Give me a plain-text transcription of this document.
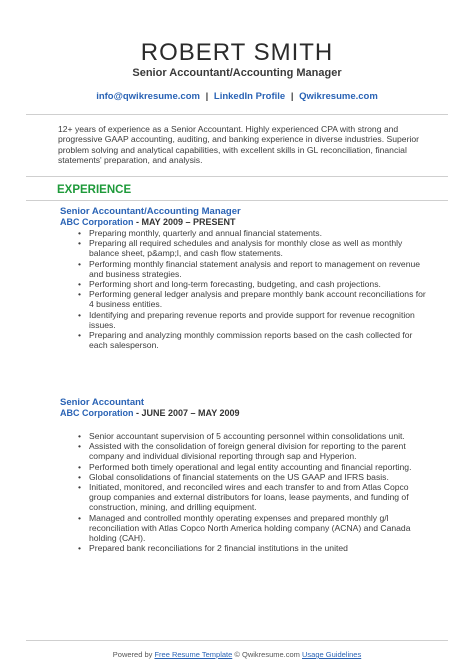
ROBERT SMITH
Senior Accountant/Accounting Manager
info@qwikresume.com | LinkedIn Profile | Qwikresume.com
12+ years of experience as a Senior Accountant. Highly experienced CPA with strong and progressive GAAP accounting, auditing, and banking experience in diverse industries. Superior problem solving and analytical capabilities, with excellent skills in GL reconciliation, financial statements' preparation, and analysis.
EXPERIENCE
Senior Accountant/Accounting Manager
ABC Corporation - MAY 2009 – PRESENT
• Preparing monthly, quarterly and annual financial statements.
• Preparing all required schedules and analysis for monthly close as well as monthly balance sheet, p&amp;l, and cash flow statements.
• Performing monthly financial statement analysis and report to management on revenue and business strategies.
• Performing short and long-term forecasting, budgeting, and cash projections.
• Performing general ledger analysis and prepare monthly bank account reconciliations for 4 business entities.
• Identifying and preparing revenue reports and provide support for revenue recognition issues.
• Preparing and analyzing monthly commission reports based on the cash collected for each salesperson.
Senior Accountant
ABC Corporation - JUNE 2007 – MAY 2009
• Senior accountant supervision of 5 accounting personnel within consolidations unit.
• Assisted with the consolidation of foreign general division for reporting to the parent company and individual divisional reporting through sap and Hyperion.
• Performed both timely operational and legal entity accounting and financial reporting.
• Global consolidations of financial statements on the US GAAP and IFRS basis.
• Initiated, monitored, and reconciled wires and each transfer to and from Atlas Copco group companies and external distributors for loans, lease payments, and funding of construction, mining, and drilling equipment.
• Managed and controlled monthly operating expenses and prepared monthly g/l reconciliation with Atlas Copco North America holding company (ACNA) and Canada holding (CAH).
• Prepared bank reconciliations for 2 financial institutions in the united
Powered by Free Resume Template © Qwikresume.com Usage Guidelines
